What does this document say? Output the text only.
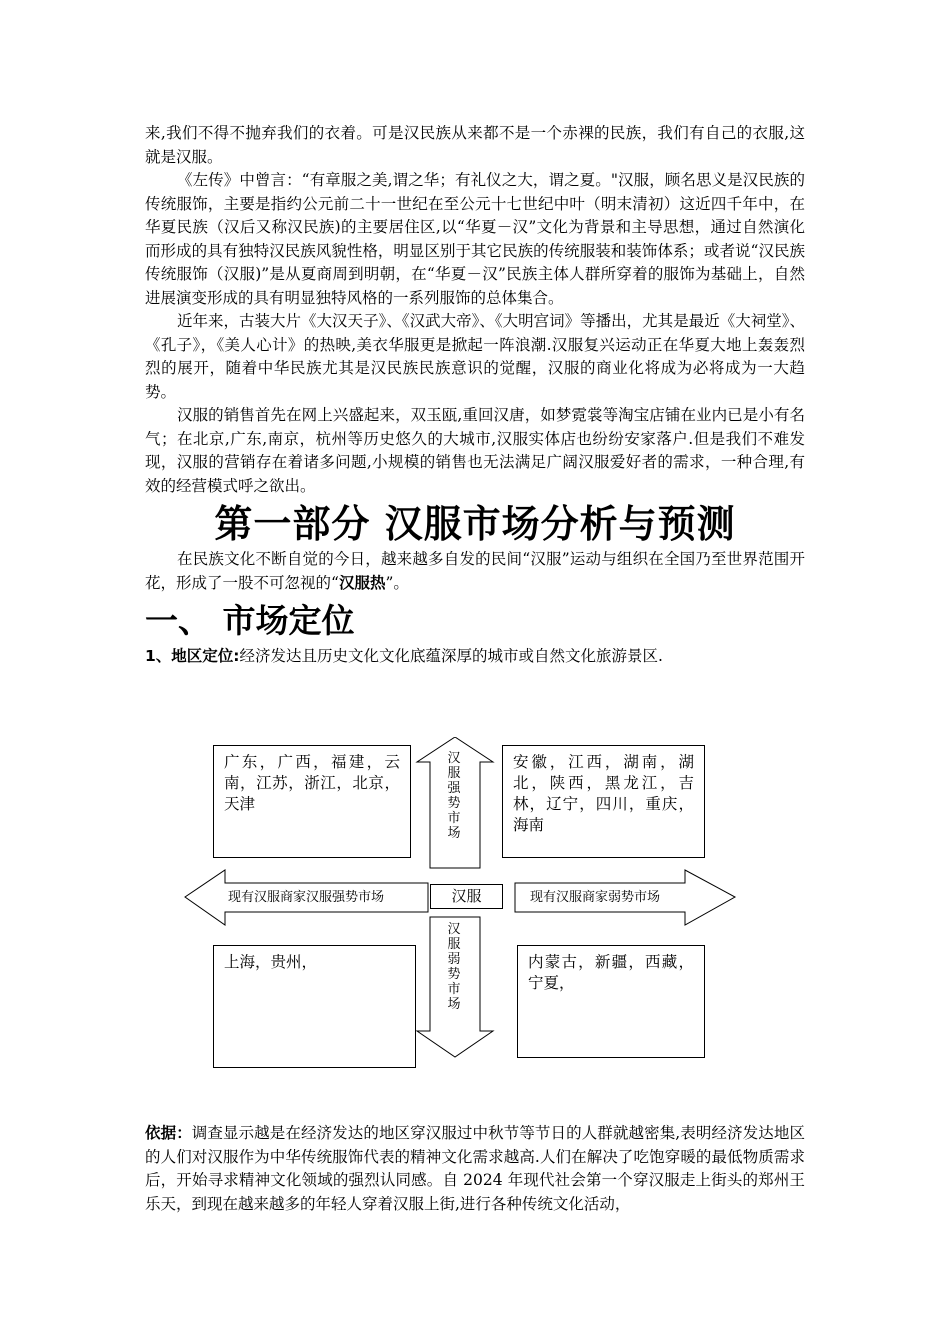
来,我们不得不抛弃我们的衣着。可是汉民族从来都不是一个赤裸的民族，我们有自己的衣服,这就是汉服。

《左传》中曾言：“有章服之美,谓之华；有礼仪之大，谓之夏。"汉服，顾名思义是汉民族的传统服饰，主要是指约公元前二十一世纪在至公元十七世纪中叶（明末清初）这近四千年中，在华夏民族（汉后又称汉民族)的主要居住区,以“华夏－汉”文化为背景和主导思想，通过自然演化而形成的具有独特汉民族风貌性格，明显区别于其它民族的传统服装和装饰体系；或者说“汉民族传统服饰（汉服)”是从夏商周到明朝，在“华夏－汉”民族主体人群所穿着的服饰为基础上，自然进展演变形成的具有明显独特风格的一系列服饰的总体集合。

近年来，古装大片《大汉天子》、《汉武大帝》、《大明宫词》等播出，尤其是最近《大祠堂》、《孔子》，《美人心计》的热映,美衣华服更是掀起一阵浪潮.汉服复兴运动正在华夏大地上轰轰烈烈的展开，随着中华民族尤其是汉民族民族意识的觉醒，汉服的商业化将成为必将成为一大趋势。

汉服的销售首先在网上兴盛起来，双玉瓯,重回汉唐，如梦霓裳等淘宝店铺在业内已是小有名气；在北京,广东,南京，杭州等历史悠久的大城市,汉服实体店也纷纷安家落户.但是我们不难发现，汉服的营销存在着诸多问题,小规模的销售也无法满足广阔汉服爱好者的需求，一种合理,有效的经营模式呼之欲出。

第一部分 汉服市场分析与预测

在民族文化不断自觉的今日，越来越多自发的民间“汉服”运动与组织在全国乃至世界范围开花，形成了一股不可忽视的“汉服热”。

一、 市场定位

1、地区定位:经济发达且历史文化文化底蕴深厚的城市或自然文化旅游景区.

广东，广西，福建，云南，江苏，浙江，北京，天津
安徽，江西，湖南，湖北，陕西，黑龙江，吉林，辽宁，四川，重庆，海南
上海，贵州，	内蒙古，新疆，西藏，宁夏，
汉服
汉服强势市场
汉服弱势市场
现有汉服商家汉服强势市场	现有汉服商家弱势市场

依据：调查显示越是在经济发达的地区穿汉服过中秋节等节日的人群就越密集,表明经济发达地区的人们对汉服作为中华传统服饰代表的精神文化需求越高.人们在解决了吃饱穿暖的最低物质需求后，开始寻求精神文化领域的强烈认同感。自 2024 年现代社会第一个穿汉服走上街头的郑州王乐天，到现在越来越多的年轻人穿着汉服上街,进行各种传统文化活动，
